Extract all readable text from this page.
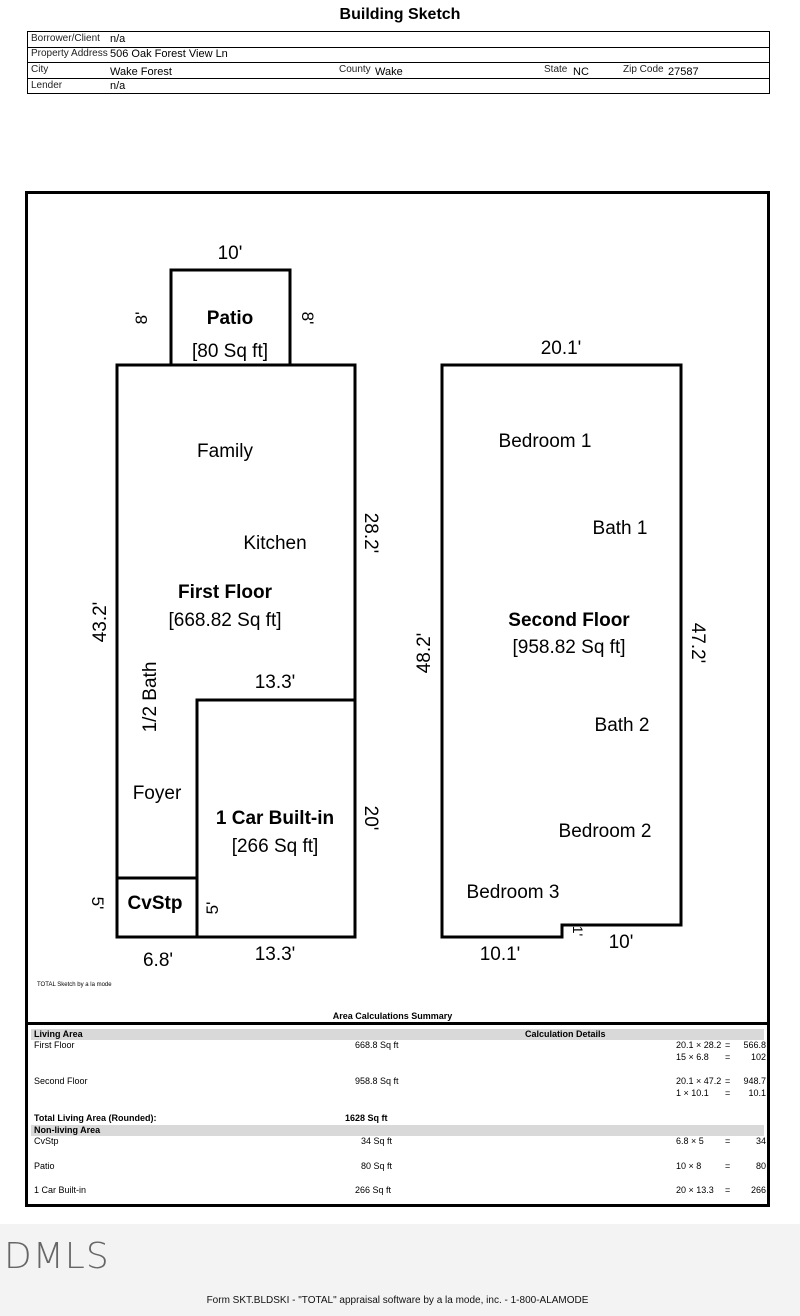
Building Sketch
Borrower/Client n/a
Property Address 506 Oak Forest View Ln
City	Wake Forest	County Wake	State NC	Zip Code 27587
Lender	n/a
10'
Patio
[80 Sq ft]
8'	8'
Family
Kitchen
First Floor
[668.82 Sq ft]
1/2 Bath
Foyer
28.2'
43.2'
13.3'
1 Car Built-in
[266 Sq ft]
20'
13.3'
CvStp
5'	5'
6.8'
20.1'
Bedroom 1
Bath 1
Second Floor
[958.82 Sq ft]
48.2'	47.2'
Bath 2
Bedroom 2
Bedroom 3
10.1'
1'
10'
TOTAL Sketch by a la mode
Area Calculations Summary
Living Area	Calculation Details
First Floor	668.8 Sq ft	20.1 × 28.2 =	566.8
15 × 6.8 =	102
Second Floor	958.8 Sq ft	20.1 × 47.2 =	948.7
1 × 10.1 =	10.1
Total Living Area (Rounded):	1628 Sq ft
Non-living Area
CvStp	34 Sq ft	6.8 × 5 =	34
Patio	80 Sq ft	10 × 8	=	80
1 Car Built-in	266 Sq ft	20 × 13.3 =	266
DMLS
Form SKT.BLDSKI - "TOTAL" appraisal software by a la mode, inc. - 1-800-ALAMODE
